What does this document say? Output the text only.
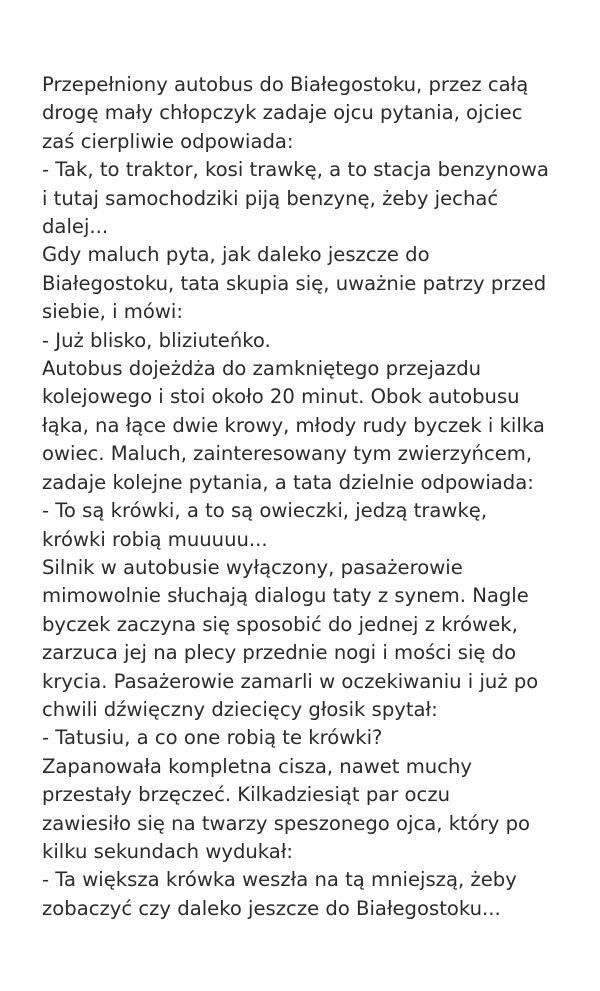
Przepełniony autobus do Białegostoku, przez całą
drogę mały chłopczyk zadaje ojcu pytania, ojciec
zaś cierpliwie odpowiada:
- Tak, to traktor, kosi trawkę, a to stacja benzynowa
i tutaj samochodziki piją benzynę, żeby jechać
dalej...
Gdy maluch pyta, jak daleko jeszcze do
Białegostoku, tata skupia się, uważnie patrzy przed
siebie, i mówi:
- Już blisko, bliziuteńko.
Autobus dojeżdża do zamkniętego przejazdu
kolejowego i stoi około 20 minut. Obok autobusu
łąka, na łące dwie krowy, młody rudy byczek i kilka
owiec. Maluch, zainteresowany tym zwierzyńcem,
zadaje kolejne pytania, a tata dzielnie odpowiada:
- To są krówki, a to są owieczki, jedzą trawkę,
krówki robią muuuuu...
Silnik w autobusie wyłączony, pasażerowie
mimowolnie słuchają dialogu taty z synem. Nagle
byczek zaczyna się sposobić do jednej z krówek,
zarzuca jej na plecy przednie nogi i mości się do
krycia. Pasażerowie zamarli w oczekiwaniu i już po
chwili dźwięczny dziecięcy głosik spytał:
- Tatusiu, a co one robią te krówki?
Zapanowała kompletna cisza, nawet muchy
przestały brzęczeć. Kilkadziesiąt par oczu
zawiesiło się na twarzy speszonego ojca, który po
kilku sekundach wydukał:
- Ta większa krówka weszła na tą mniejszą, żeby
zobaczyć czy daleko jeszcze do Białegostoku...
